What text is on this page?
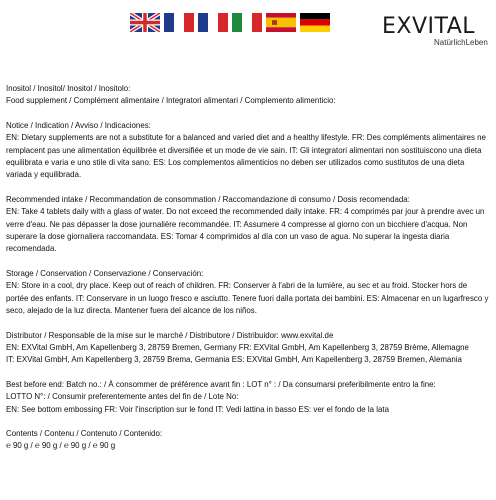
EXVITAL
NatürlichLeben
Inositol / Inositol/ Inositol / Inositolo:
Food supplement / Complément alimentaire / Integratori alimentari / Complemento alimenticio:
Notice / Indication / Avviso / Indicaciones:
EN: Dietary supplements are not a substitute for a balanced and varied diet and a healthy lifestyle. FR: Des compléments alimentaires ne remplacent pas une alimentation équilibrée et diversifiée et un mode de vie sain. IT: Gli integratori alimentari non sostituiscono una dieta equilibrata e varia e uno stile di vita sano. ES: Los complementos alimenticios no deben ser utilizados como sustitutos de una dieta variada y equilibrada.
Recommended intake / Recommandation de consommation / Raccomandazione di consumo / Dosis recomendada:
EN: Take 4 tablets daily with a glass of water. Do not exceed the recommended daily intake. FR: 4 comprimés par jour à prendre avec un verre d'eau. Ne pas dépasser la dose journalière recommandée. IT: Assumere 4 compresse al giorno con un bicchiere d'acqua. Non superare la dose giornaliera raccomandata. ES: Tomar 4 comprimidos al día con un vaso de agua. No superar la ingesta diaria recomendada.
Storage / Conservation / Conservazione / Conservación:
EN: Store in a cool, dry place. Keep out of reach of children. FR: Conserver à l'abri de la lumière, au sec et au froid. Stocker hors de portée des enfants. IT: Conservare in un luogo fresco e asciutto. Tenere fuori dalla portata dei bambini. ES: Almacenar en un lugarfresco y seco, alejado de la luz directa. Mantener fuera del alcance de los niños.
Distributor / Responsable de la mise sur le marché / Distributore / Distribuidor: www.exvital.de
EN: EXVital GmbH, Am Kapellenberg 3, 28759 Bremen, Germany FR: EXVital GmbH, Am Kapellenberg 3, 28759 Brème, Allemagne
IT: EXVital GmbH, Am Kapellenberg 3, 28759 Brema, Germania ES: EXVital GmbH, Am Kapellenberg 3, 28759 Bremen, Alemania
Best before end: Batch no.: / À consommer de préférence avant fin : LOT n° : / Da consumarsi preferibilmente entro la fine:
LOTTO N°: / Consumir preferentemente antes del fin de / Lote No:
EN: See bottom embossing FR: Voir l'inscription sur le fond IT: Vedi lattina in basso ES: ver el fondo de la lata
Contents / Contenu / Contenuto / Contenido:
℮ 90 g / ℮ 90 g / ℮ 90 g / ℮ 90 g
